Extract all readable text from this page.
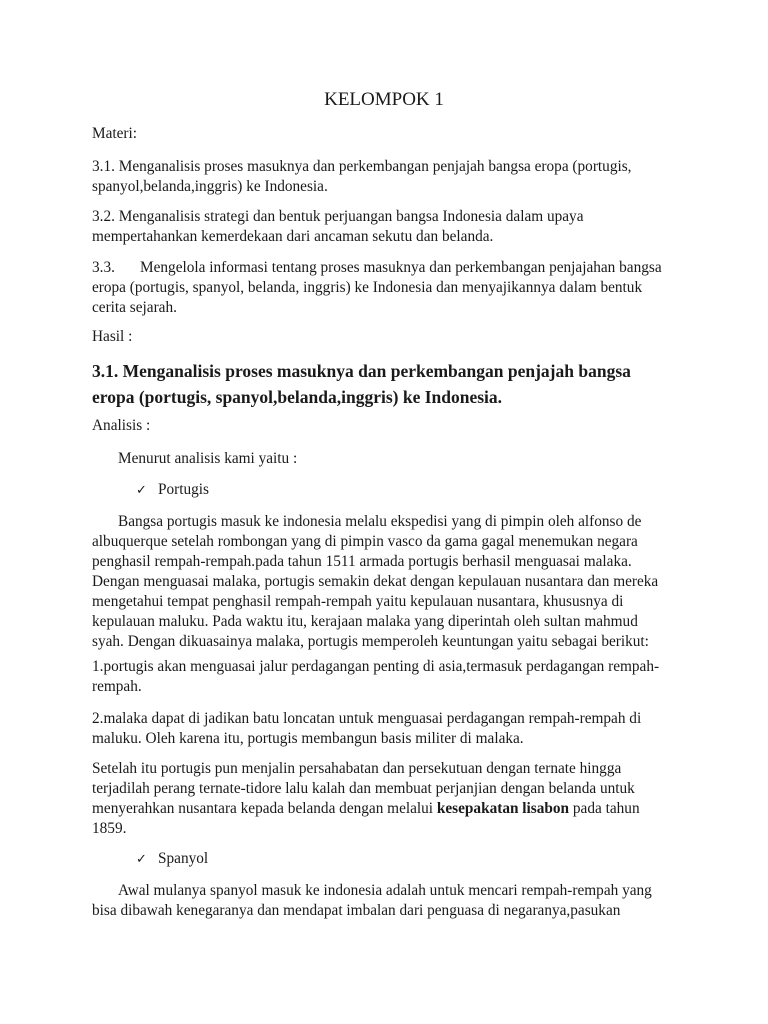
KELOMPOK 1

Materi:

3.1. Menganalisis proses masuknya dan perkembangan penjajah bangsa eropa (portugis,
spanyol,belanda,inggris) ke Indonesia.

3.2. Menganalisis strategi dan bentuk perjuangan bangsa Indonesia dalam upaya
mempertahankan kemerdekaan dari ancaman sekutu dan belanda.

3.3. Mengelola informasi tentang proses masuknya dan perkembangan penjajahan bangsa
eropa (portugis, spanyol, belanda, inggris) ke Indonesia dan menyajikannya dalam bentuk
cerita sejarah.

Hasil :

3.1. Menganalisis proses masuknya dan perkembangan penjajah bangsa
eropa (portugis, spanyol,belanda,inggris) ke Indonesia.

Analisis :

Menurut analisis kami yaitu :

✓ Portugis

Bangsa portugis masuk ke indonesia melalu ekspedisi yang di pimpin oleh alfonso de
albuquerque setelah rombongan yang di pimpin vasco da gama gagal menemukan negara
penghasil rempah-rempah.pada tahun 1511 armada portugis berhasil menguasai malaka.
Dengan menguasai malaka, portugis semakin dekat dengan kepulauan nusantara dan mereka
mengetahui tempat penghasil rempah-rempah yaitu kepulauan nusantara, khususnya di
kepulauan maluku. Pada waktu itu, kerajaan malaka yang diperintah oleh sultan mahmud
syah. Dengan dikuasainya malaka, portugis memperoleh keuntungan yaitu sebagai berikut:

1.portugis akan menguasai jalur perdagangan penting di asia,termasuk perdagangan rempah-
rempah.

2.malaka dapat di jadikan batu loncatan untuk menguasai perdagangan rempah-rempah di
maluku. Oleh karena itu, portugis membangun basis militer di malaka.

Setelah itu portugis pun menjalin persahabatan dan persekutuan dengan ternate hingga
terjadilah perang ternate-tidore lalu kalah dan membuat perjanjian dengan belanda untuk
menyerahkan nusantara kepada belanda dengan melalui kesepakatan lisabon pada tahun
1859.

✓ Spanyol

Awal mulanya spanyol masuk ke indonesia adalah untuk mencari rempah-rempah yang
bisa dibawah kenegaranya dan mendapat imbalan dari penguasa di negaranya,pasukan
